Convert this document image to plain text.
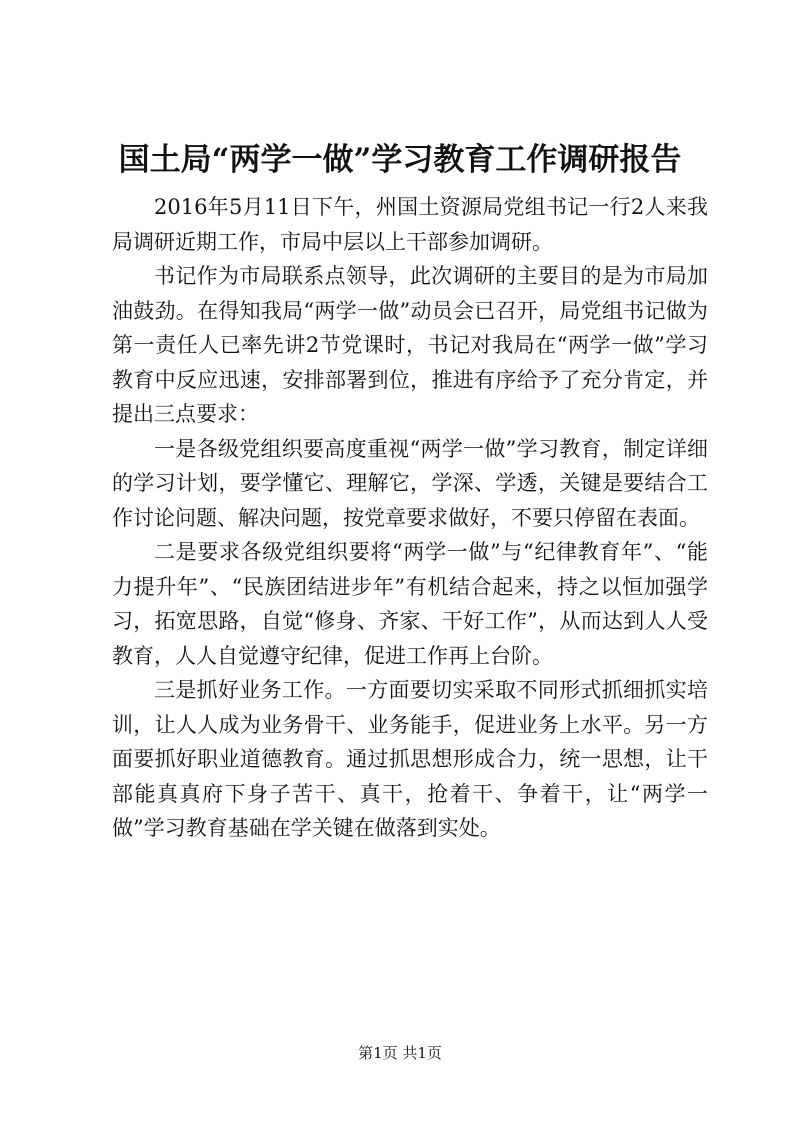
国土局“两学一做”学习教育工作调研报告

2016年5月11日下午，州国土资源局党组书记一行2人来我局调研近期工作，市局中层以上干部参加调研。

书记作为市局联系点领导，此次调研的主要目的是为市局加油鼓劲。在得知我局“两学一做”动员会已召开，局党组书记做为第一责任人已率先讲2节党课时，书记对我局在“两学一做”学习教育中反应迅速，安排部署到位，推进有序给予了充分肯定，并提出三点要求：

一是各级党组织要高度重视“两学一做”学习教育，制定详细的学习计划，要学懂它、理解它，学深、学透，关键是要结合工作讨论问题、解决问题，按党章要求做好，不要只停留在表面。

二是要求各级党组织要将“两学一做”与“纪律教育年”、“能力提升年”、“民族团结进步年”有机结合起来，持之以恒加强学习，拓宽思路，自觉“修身、齐家、干好工作”，从而达到人人受教育，人人自觉遵守纪律，促进工作再上台阶。

三是抓好业务工作。一方面要切实采取不同形式抓细抓实培训，让人人成为业务骨干、业务能手，促进业务上水平。另一方面要抓好职业道德教育。通过抓思想形成合力，统一思想，让干部能真真府下身子苦干、真干，抢着干、争着干，让“两学一做”学习教育基础在学关键在做落到实处。

第1页 共1页
